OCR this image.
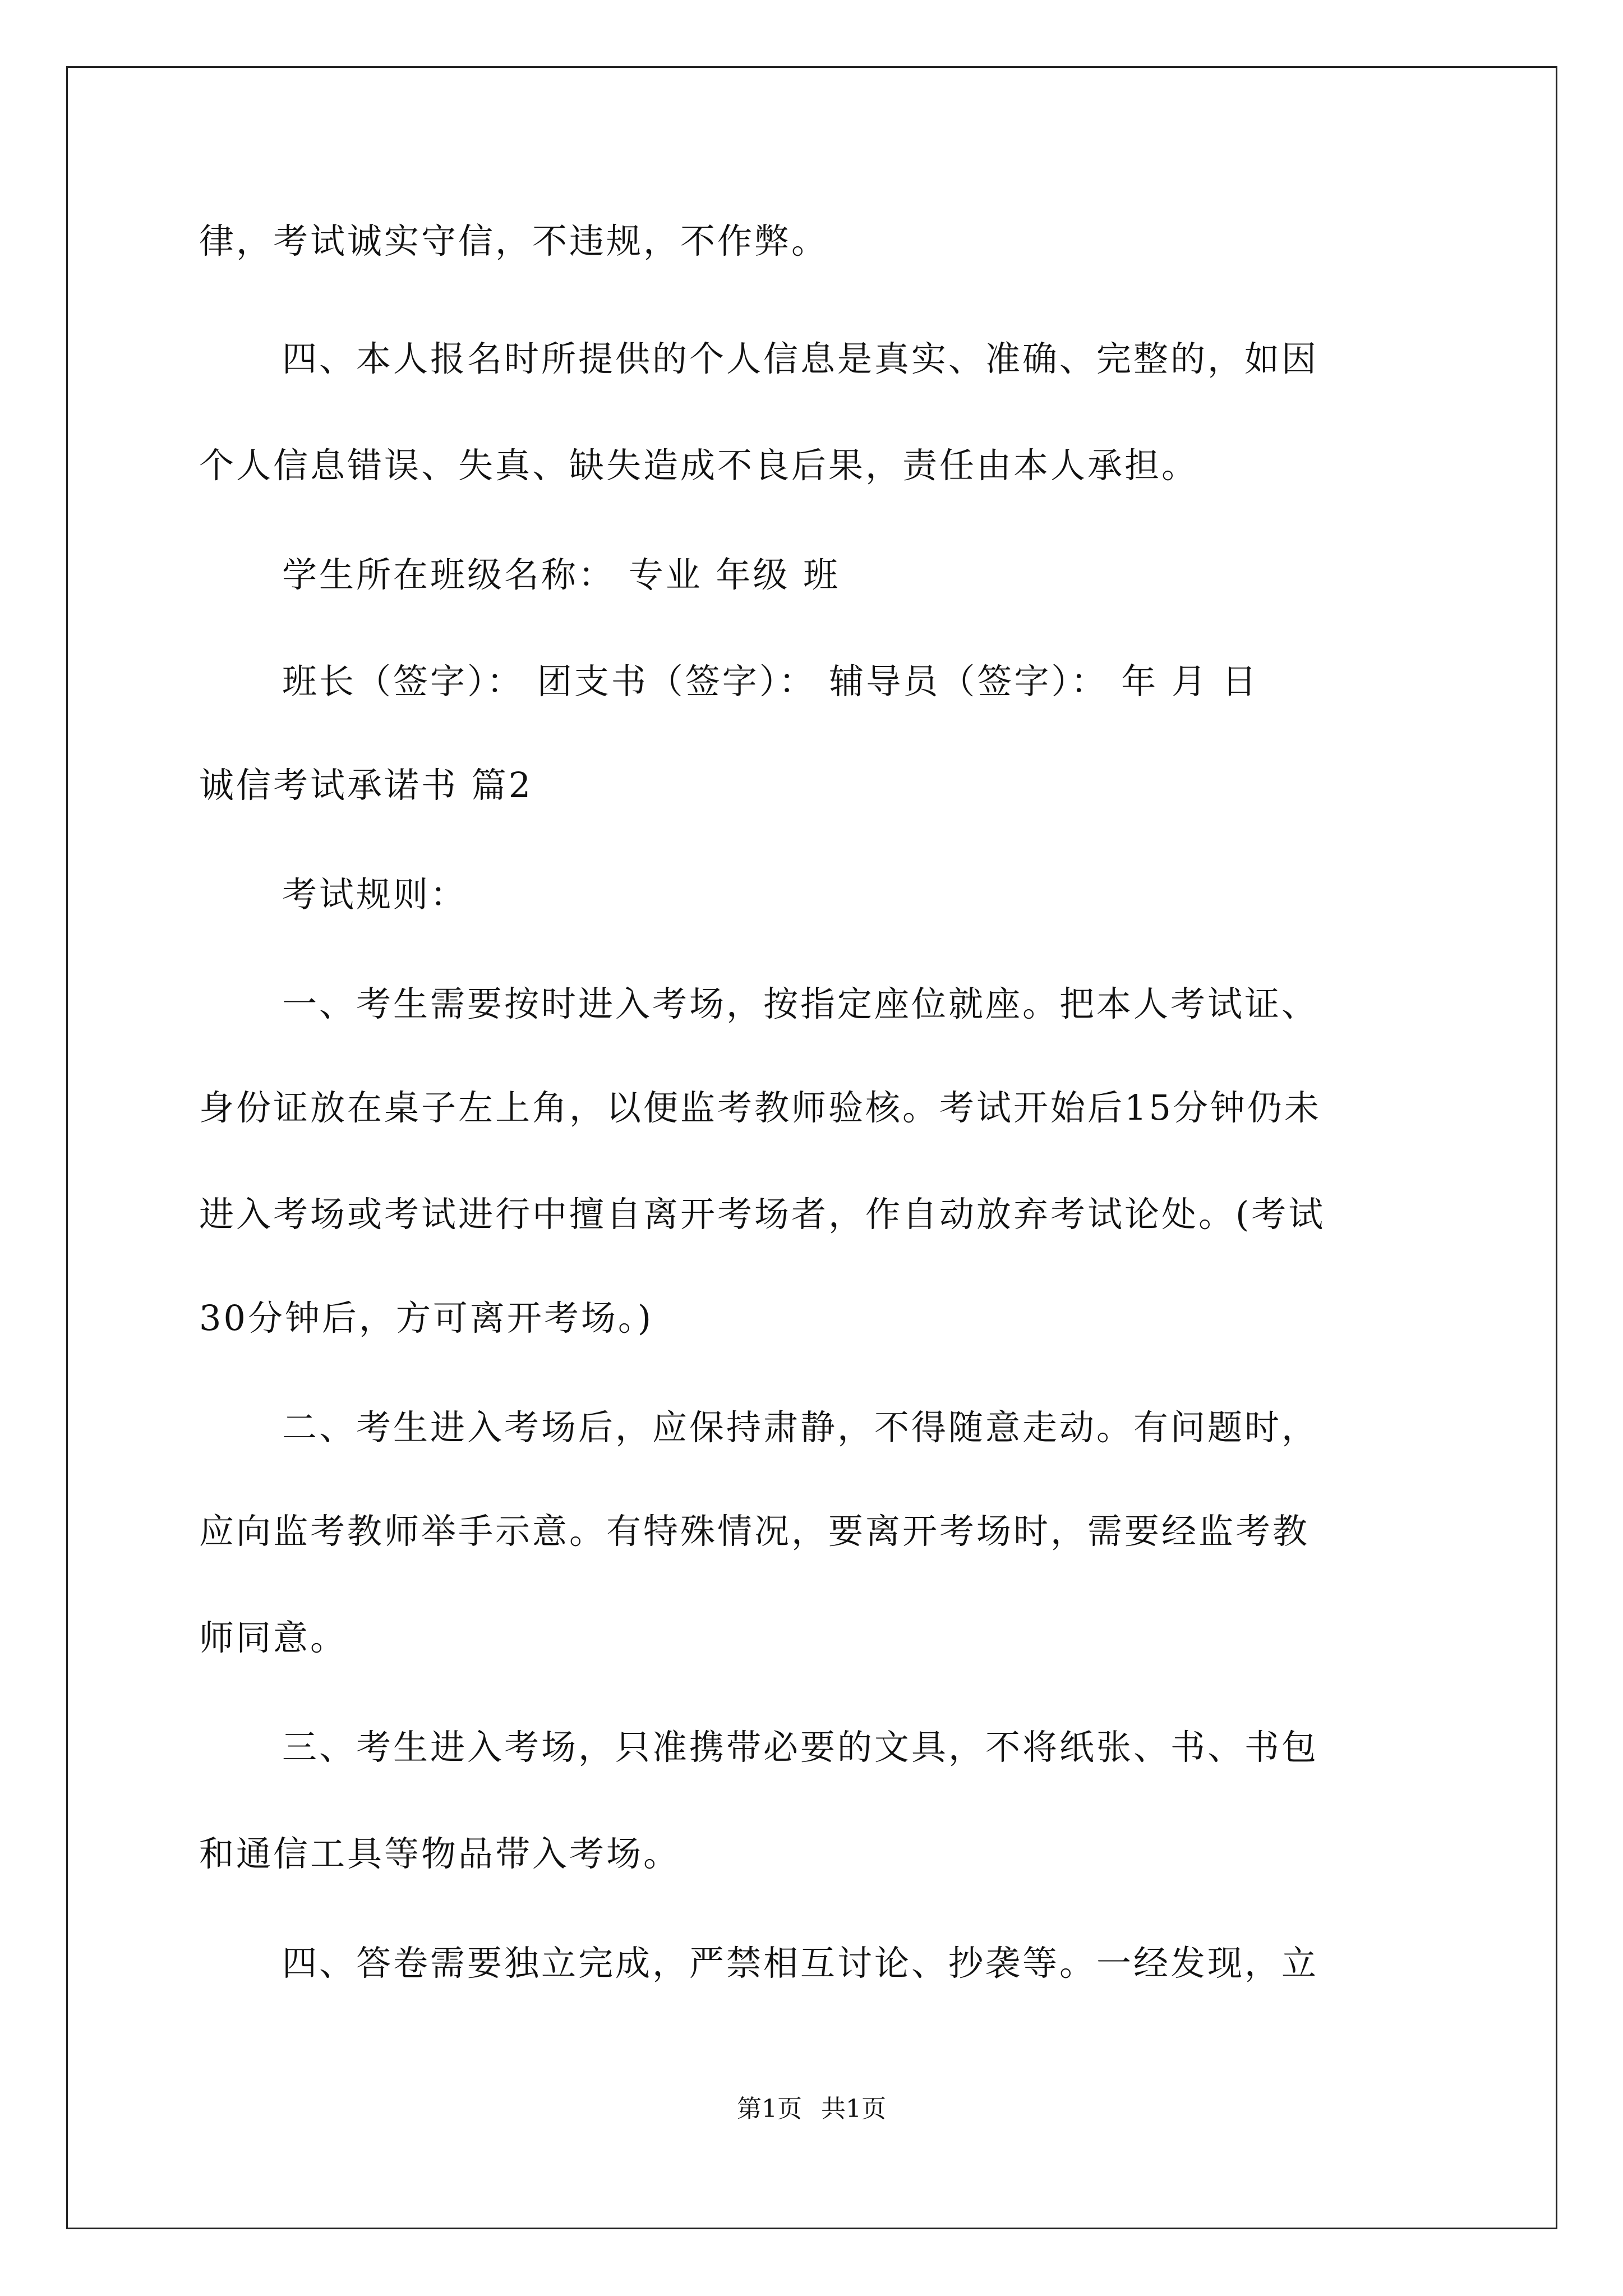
律，考试诚实守信，不违规，不作弊。
四、本人报名时所提供的个人信息是真实、准确、完整的，如因
个人信息错误、失真、缺失造成不良后果，责任由本人承担。
学生所在班级名称： 专业 年级 班
班长（签字）： 团支书（签字）： 辅导员（签字）： 年 月 日
诚信考试承诺书 篇2
考试规则：
一、考生需要按时进入考场，按指定座位就座。把本人考试证、
身份证放在桌子左上角，以便监考教师验核。考试开始后15分钟仍未
进入考场或考试进行中擅自离开考场者，作自动放弃考试论处。(考试
30分钟后，方可离开考场。)
二、考生进入考场后，应保持肃静，不得随意走动。有问题时，
应向监考教师举手示意。有特殊情况，要离开考场时，需要经监考教
师同意。
三、考生进入考场，只准携带必要的文具，不将纸张、书、书包
和通信工具等物品带入考场。
四、答卷需要独立完成，严禁相互讨论、抄袭等。一经发现，立
第1页 共1页
